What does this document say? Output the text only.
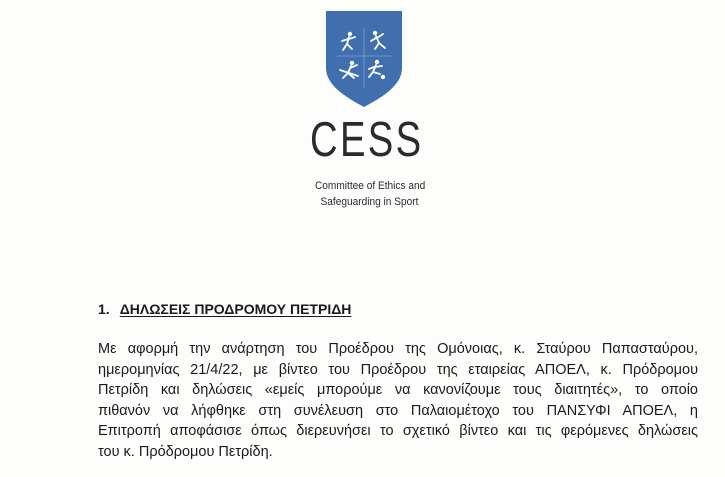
CESS
Committee of Ethics and
Safeguarding in Sport
1. ΔΗΛΩΣΕΙΣ ΠΡΟΔΡΟΜΟΥ ΠΕΤΡΙΔΗ
Με αφορμή την ανάρτηση του Προέδρου της Ομόνοιας, κ. Σταύρου Παπασταύρου,
ημερομηνίας 21/4/22, με βίντεο του Προέδρου της εταιρείας ΑΠΟΕΛ, κ. Πρόδρομου
Πετρίδη και δηλώσεις «εμείς μπορούμε να κανονίζουμε τους διαιτητές», το οποίο
πιθανόν να λήφθηκε στη συνέλευση στο Παλαιομέτοχο του ΠΑΝΣΥΦΙ ΑΠΟΕΛ, η
Επιτροπή αποφάσισε όπως διερευνήσει το σχετικό βίντεο και τις φερόμενες δηλώσεις
του κ. Πρόδρομου Πετρίδη.
